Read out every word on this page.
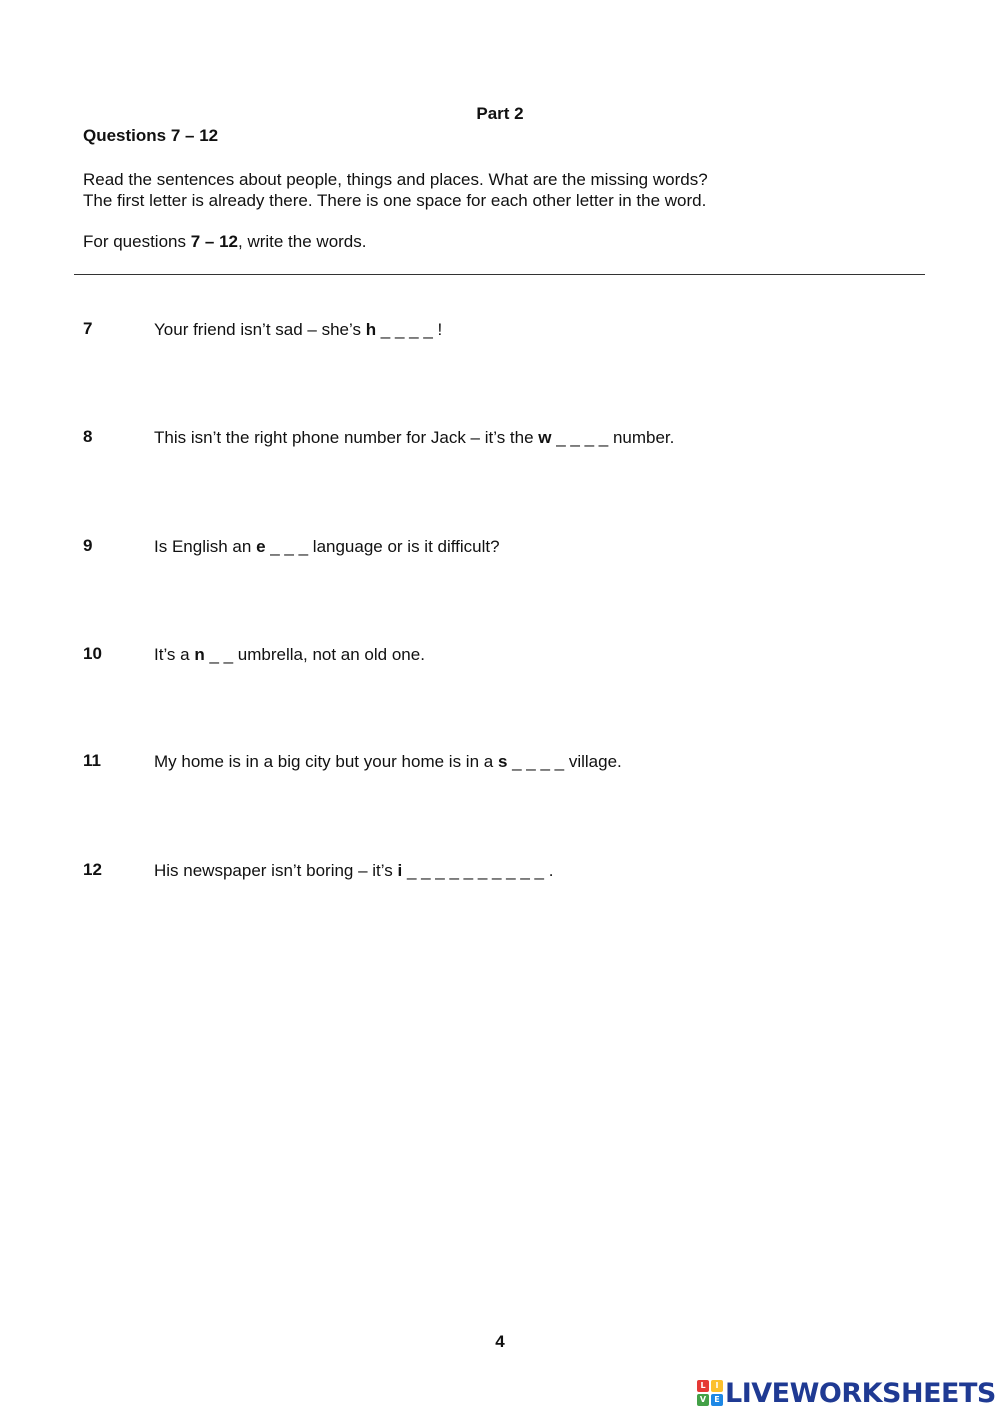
Part 2
Questions 7 – 12

Read the sentences about people, things and places. What are the missing words?

The first letter is already there. There is one space for each other letter in the word.

For questions 7 – 12, write the words.
7	Your friend isn’t sad – she’s h _ _ _ _ !
8	This isn’t the right phone number for Jack – it’s the w _ _ _ _ number.
9	Is English an e _ _ _ language or is it difficult?
10	It’s a n _ _ umbrella, not an old one.
11	My home is in a big city but your home is in a s _ _ _ _ village.
12	His newspaper isn’t boring – it’s i _ _ _ _ _ _ _ _ _ _ .
4
L	I
V	E LIVEWORKSHEETS
